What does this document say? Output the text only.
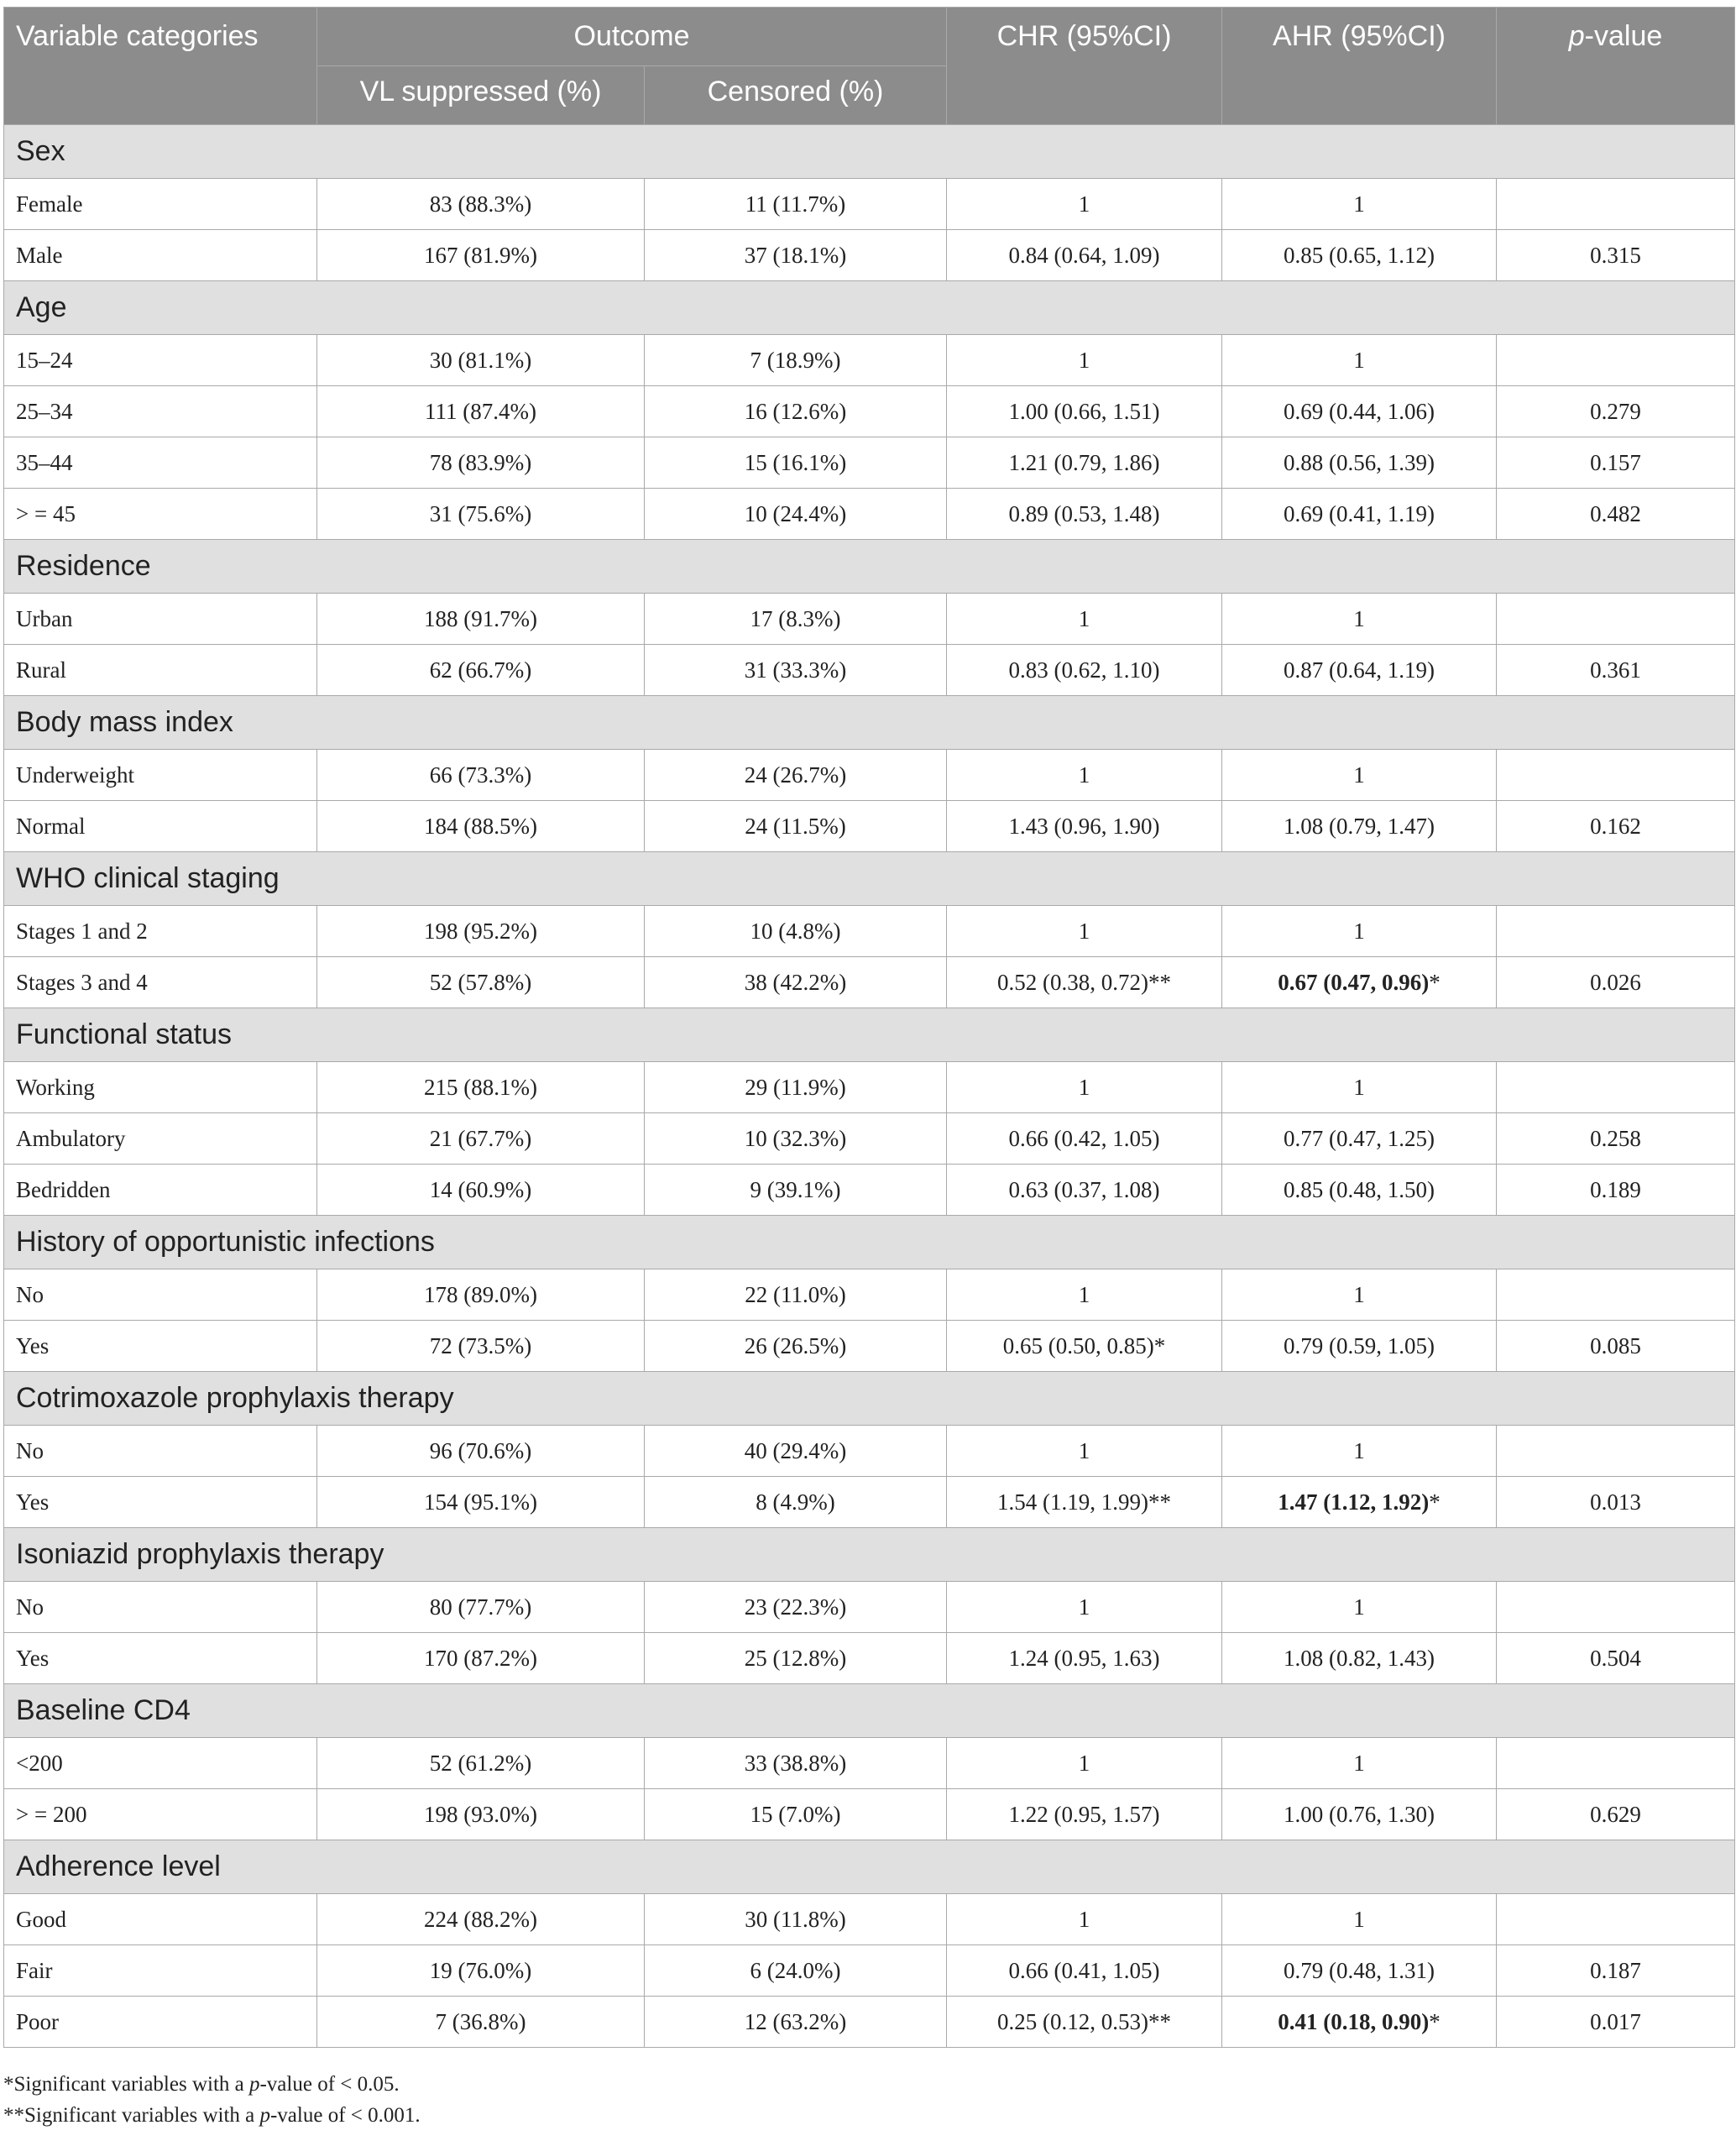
Variable categories	Outcome		CHR (95%CI)	AHR (95%CI)	p-value
	VL suppressed (%)	Censored (%)			
Sex					
Female	83 (88.3%)	11 (11.7%)	1	1	
Male	167 (81.9%)	37 (18.1%)	0.84 (0.64, 1.09)	0.85 (0.65, 1.12)	0.315
Age					
15–24	30 (81.1%)	7 (18.9%)	1	1	
25–34	111 (87.4%)	16 (12.6%)	1.00 (0.66, 1.51)	0.69 (0.44, 1.06)	0.279
35–44	78 (83.9%)	15 (16.1%)	1.21 (0.79, 1.86)	0.88 (0.56, 1.39)	0.157
> = 45	31 (75.6%)	10 (24.4%)	0.89 (0.53, 1.48)	0.69 (0.41, 1.19)	0.482
Residence					
Urban	188 (91.7%)	17 (8.3%)	1	1	
Rural	62 (66.7%)	31 (33.3%)	0.83 (0.62, 1.10)	0.87 (0.64, 1.19)	0.361
Body mass index					
Underweight	66 (73.3%)	24 (26.7%)	1	1	
Normal	184 (88.5%)	24 (11.5%)	1.43 (0.96, 1.90)	1.08 (0.79, 1.47)	0.162
WHO clinical staging					
Stages 1 and 2	198 (95.2%)	10 (4.8%)	1	1	
Stages 3 and 4	52 (57.8%)	38 (42.2%)	0.52 (0.38, 0.72)**	0.67 (0.47, 0.96)*	0.026
Functional status					
Working	215 (88.1%)	29 (11.9%)	1	1	
Ambulatory	21 (67.7%)	10 (32.3%)	0.66 (0.42, 1.05)	0.77 (0.47, 1.25)	0.258
Bedridden	14 (60.9%)	9 (39.1%)	0.63 (0.37, 1.08)	0.85 (0.48, 1.50)	0.189
History of opportunistic infections					
No	178 (89.0%)	22 (11.0%)	1	1	
Yes	72 (73.5%)	26 (26.5%)	0.65 (0.50, 0.85)*	0.79 (0.59, 1.05)	0.085
Cotrimoxazole prophylaxis therapy					
No	96 (70.6%)	40 (29.4%)	1	1	
Yes	154 (95.1%)	8 (4.9%)	1.54 (1.19, 1.99)**	1.47 (1.12, 1.92)*	0.013
Isoniazid prophylaxis therapy					
No	80 (77.7%)	23 (22.3%)	1	1	
Yes	170 (87.2%)	25 (12.8%)	1.24 (0.95, 1.63)	1.08 (0.82, 1.43)	0.504
Baseline CD4					
<200	52 (61.2%)	33 (38.8%)	1	1	
> = 200	198 (93.0%)	15 (7.0%)	1.22 (0.95, 1.57)	1.00 (0.76, 1.30)	0.629
Adherence level					
Good	224 (88.2%)	30 (11.8%)	1	1	
Fair	19 (76.0%)	6 (24.0%)	0.66 (0.41, 1.05)	0.79 (0.48, 1.31)	0.187
Poor	7 (36.8%)	12 (63.2%)	0.25 (0.12, 0.53)**	0.41 (0.18, 0.90)*	0.017
*Significant variables with a p-value of < 0.05.
**Significant variables with a p-value of < 0.001.
